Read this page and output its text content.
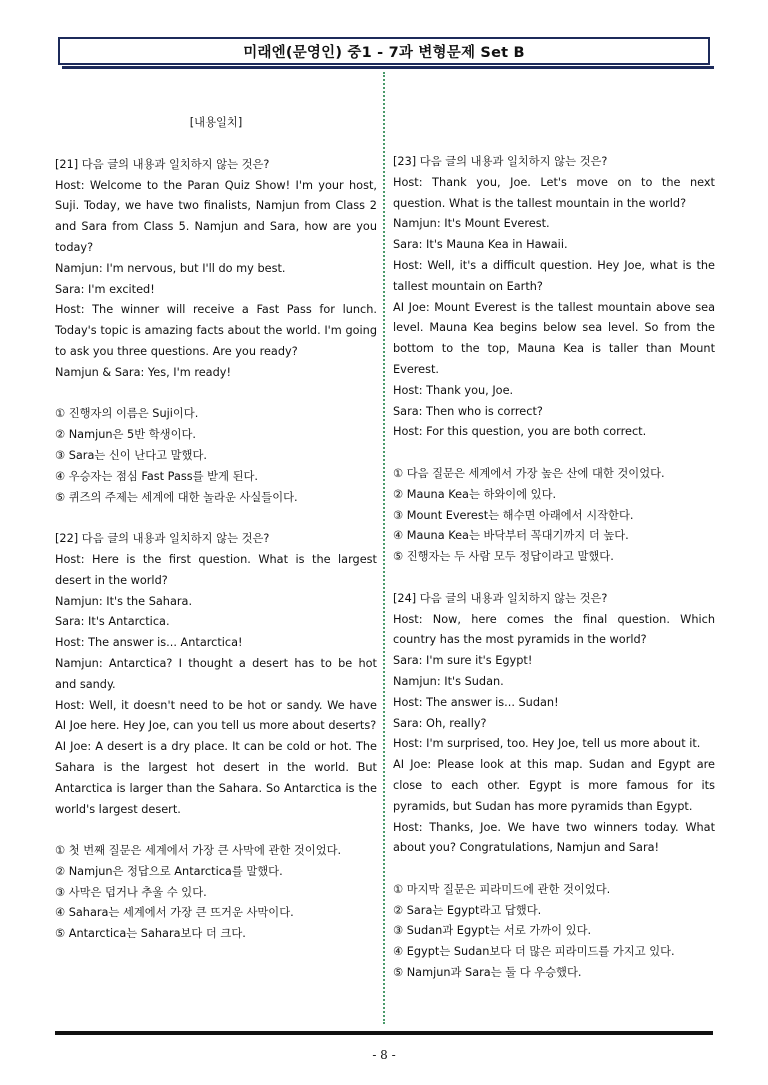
미래엔(문영인) 중1 - 7과 변형문제 Set B
[내용일치]
[21] 다음 글의 내용과 일치하지 않는 것은?
Host: Welcome to the Paran Quiz Show! I'm your host, Suji. Today, we have two finalists, Namjun from Class 2 and Sara from Class 5. Namjun and Sara, how are you today?
Namjun: I'm nervous, but I'll do my best.
Sara: I'm excited!
Host: The winner will receive a Fast Pass for lunch. Today's topic is amazing facts about the world. I'm going to ask you three questions. Are you ready?
Namjun & Sara: Yes, I'm ready!
① 진행자의 이름은 Suji이다.
② Namjun은 5반 학생이다.
③ Sara는 신이 난다고 말했다.
④ 우승자는 점심 Fast Pass를 받게 된다.
⑤ 퀴즈의 주제는 세계에 대한 놀라운 사실들이다.
[22] 다음 글의 내용과 일치하지 않는 것은?
Host: Here is the first question. What is the largest desert in the world?
Namjun: It's the Sahara.
Sara: It's Antarctica.
Host: The answer is... Antarctica!
Namjun: Antarctica? I thought a desert has to be hot and sandy.
Host: Well, it doesn't need to be hot or sandy. We have AI Joe here. Hey Joe, can you tell us more about deserts?
AI Joe: A desert is a dry place. It can be cold or hot. The Sahara is the largest hot desert in the world. But Antarctica is larger than the Sahara. So Antarctica is the world's largest desert.
① 첫 번째 질문은 세계에서 가장 큰 사막에 관한 것이었다.
② Namjun은 정답으로 Antarctica를 말했다.
③ 사막은 덥거나 추울 수 있다.
④ Sahara는 세계에서 가장 큰 뜨거운 사막이다.
⑤ Antarctica는 Sahara보다 더 크다.
[23] 다음 글의 내용과 일치하지 않는 것은?
Host: Thank you, Joe. Let's move on to the next question. What is the tallest mountain in the world?
Namjun: It's Mount Everest.
Sara: It's Mauna Kea in Hawaii.
Host: Well, it's a difficult question. Hey Joe, what is the tallest mountain on Earth?
AI Joe: Mount Everest is the tallest mountain above sea level. Mauna Kea begins below sea level. So from the bottom to the top, Mauna Kea is taller than Mount Everest.
Host: Thank you, Joe.
Sara: Then who is correct?
Host: For this question, you are both correct.
① 다음 질문은 세계에서 가장 높은 산에 대한 것이었다.
② Mauna Kea는 하와이에 있다.
③ Mount Everest는 해수면 아래에서 시작한다.
④ Mauna Kea는 바닥부터 꼭대기까지 더 높다.
⑤ 진행자는 두 사람 모두 정답이라고 말했다.
[24] 다음 글의 내용과 일치하지 않는 것은?
Host: Now, here comes the final question. Which country has the most pyramids in the world?
Sara: I'm sure it's Egypt!
Namjun: It's Sudan.
Host: The answer is... Sudan!
Sara: Oh, really?
Host: I'm surprised, too. Hey Joe, tell us more about it.
AI Joe: Please look at this map. Sudan and Egypt are close to each other. Egypt is more famous for its pyramids, but Sudan has more pyramids than Egypt.
Host: Thanks, Joe. We have two winners today. What about you? Congratulations, Namjun and Sara!
① 마지막 질문은 피라미드에 관한 것이었다.
② Sara는 Egypt라고 답했다.
③ Sudan과 Egypt는 서로 가까이 있다.
④ Egypt는 Sudan보다 더 많은 피라미드를 가지고 있다.
⑤ Namjun과 Sara는 둘 다 우승했다.
- 8 -
